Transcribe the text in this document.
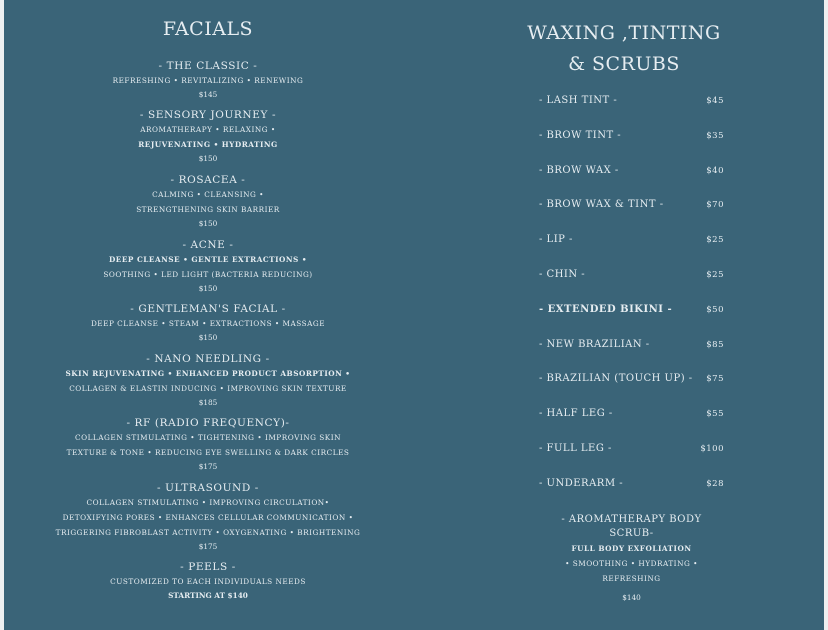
FACIALS
- THE CLASSIC -
REFRESHING • REVITALIZING • RENEWING
$145
- SENSORY JOURNEY -
AROMATHERAPY • RELAXING •
REJUVENATING • HYDRATING
$150
- ROSACEA -
CALMING • CLEANSING •
STRENGTHENING SKIN BARRIER
$150
- ACNE -
DEEP CLEANSE • GENTLE EXTRACTIONS •
SOOTHING • LED LIGHT (BACTERIA REDUCING)
$150
- GENTLEMAN'S FACIAL -
DEEP CLEANSE • STEAM • EXTRACTIONS • MASSAGE
$150
- NANO NEEDLING -
SKIN REJUVENATING • ENHANCED PRODUCT ABSORPTION •
COLLAGEN & ELASTIN INDUCING • IMPROVING SKIN TEXTURE
$185
- RF (RADIO FREQUENCY)-
COLLAGEN STIMULATING • TIGHTENING • IMPROVING SKIN
TEXTURE & TONE • REDUCING EYE SWELLING & DARK CIRCLES
$175
- ULTRASOUND -
COLLAGEN STIMULATING • IMPROVING CIRCULATION•
DETOXIFYING PORES • ENHANCES CELLULAR COMMUNICATION •
TRIGGERING FIBROBLAST ACTIVITY • OXYGENATING • BRIGHTENING
$175
- PEELS -
CUSTOMIZED TO EACH INDIVIDUALS NEEDS
STARTING AT $140
WAXING ,TINTING
& SCRUBS
- LASH TINT -	$45
- BROW TINT -	$35
- BROW WAX -	$40
- BROW WAX & TINT -	$70
- LIP -	$25
- CHIN -	$25
- EXTENDED BIKINI -	$50
- NEW BRAZILIAN -	$85
- BRAZILIAN (TOUCH UP) - $75
- HALF LEG -	$55
- FULL LEG -	$100
- UNDERARM -	$28
- AROMATHERAPY BODY SCRUB-
FULL BODY EXFOLIATION
• SMOOTHING • HYDRATING •
REFRESHING
$140
